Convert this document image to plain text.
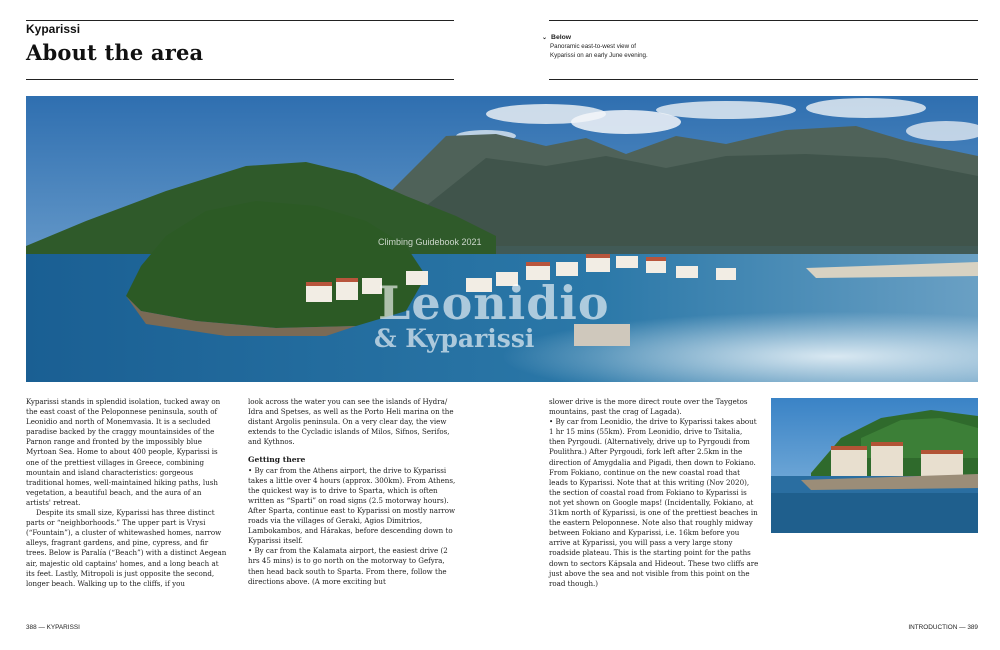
Kyparissi
About the area
⌄ Below
Panoramic east-to-west view of Kyparissi on an early June evening.
Climbing Guidebook 2021
Leonidio
& Kyparissi

Kyparissi stands in splendid isolation, tucked away on the east coast of the Peloponnese peninsula, south of Leonidio and north of Monemvasia. It is a secluded paradise backed by the craggy mountainsides of the Parnon range and fronted by the impossibly blue Myrtoan Sea. Home to about 400 people, Kyparissi is one of the prettiest villages in Greece, combining mountain and island characteristics: gorgeous traditional homes, well-maintained hiking paths, lush vegetation, a beautiful beach, and the aura of an artists' retreat.

Despite its small size, Kyparissi has three distinct parts or “neighborhoods.” The upper part is Vrysi (“Fountain”), a cluster of whitewashed homes, narrow alleys, fragrant gardens, and pine, cypress, and fir trees. Below is Paralía (“Beach”) with a distinct Aegean air, majestic old captains' homes, and a long beach at its feet. Lastly, Mitropoli is just opposite the second, longer beach. Walking up to the cliffs, if you

look across the water you can see the islands of Hydra/ Idra and Spetses, as well as the Porto Heli marina on the distant Argolis peninsula. On a very clear day, the view extends to the Cycladic islands of Milos, Sifnos, Serifos, and Kythnos.

Getting there

• By car from the Athens airport, the drive to Kyparissi takes a little over 4 hours (approx. 300km). From Athens, the quickest way is to drive to Sparta, which is often written as “Sparti” on road signs (2.5 motorway hours). After Sparta, continue east to Kyparissi on mostly narrow roads via the villages of Geraki, Agios Dimitrios, Lambokambos, and Hárakas, before descending down to Kyparissi itself.

• By car from the Kalamata airport, the easiest drive (2 hrs 45 mins) is to go north on the motorway to Gefyra, then head back south to Sparta. From there, follow the directions above. (A more exciting but

slower drive is the more direct route over the Taygetos mountains, past the crag of Lagada).

• By car from Leonidio, the drive to Kyparissi takes about 1 hr 15 mins (55km). From Leonidio, drive to Tsitalia, then Pyrgoudi. (Alternatively, drive up to Pyrgoudi from Poulithra.) After Pyrgoudi, fork left after 2.5km in the direction of Amygdalia and Pigadi, then down to Fokiano. From Fokiano, continue on the new coastal road that leads to Kyparissi. Note that at this writing (Nov 2020), the section of coastal road from Fokiano to Kyparissi is not yet shown on Google maps! (Incidentally, Fokiano, at 31km north of Kyparissi, is one of the prettiest beaches in the eastern Peloponnese. Note also that roughly midway between Fokiano and Kyparissi, i.e. 16km before you arrive at Kyparissi, you will pass a very large stony roadside plateau. This is the starting point for the paths down to sectors Kápsala and Hideout. These two cliffs are just above the sea and not visible from this point on the road though.)

388 — KYPARISSI	INTRODUCTION — 389
